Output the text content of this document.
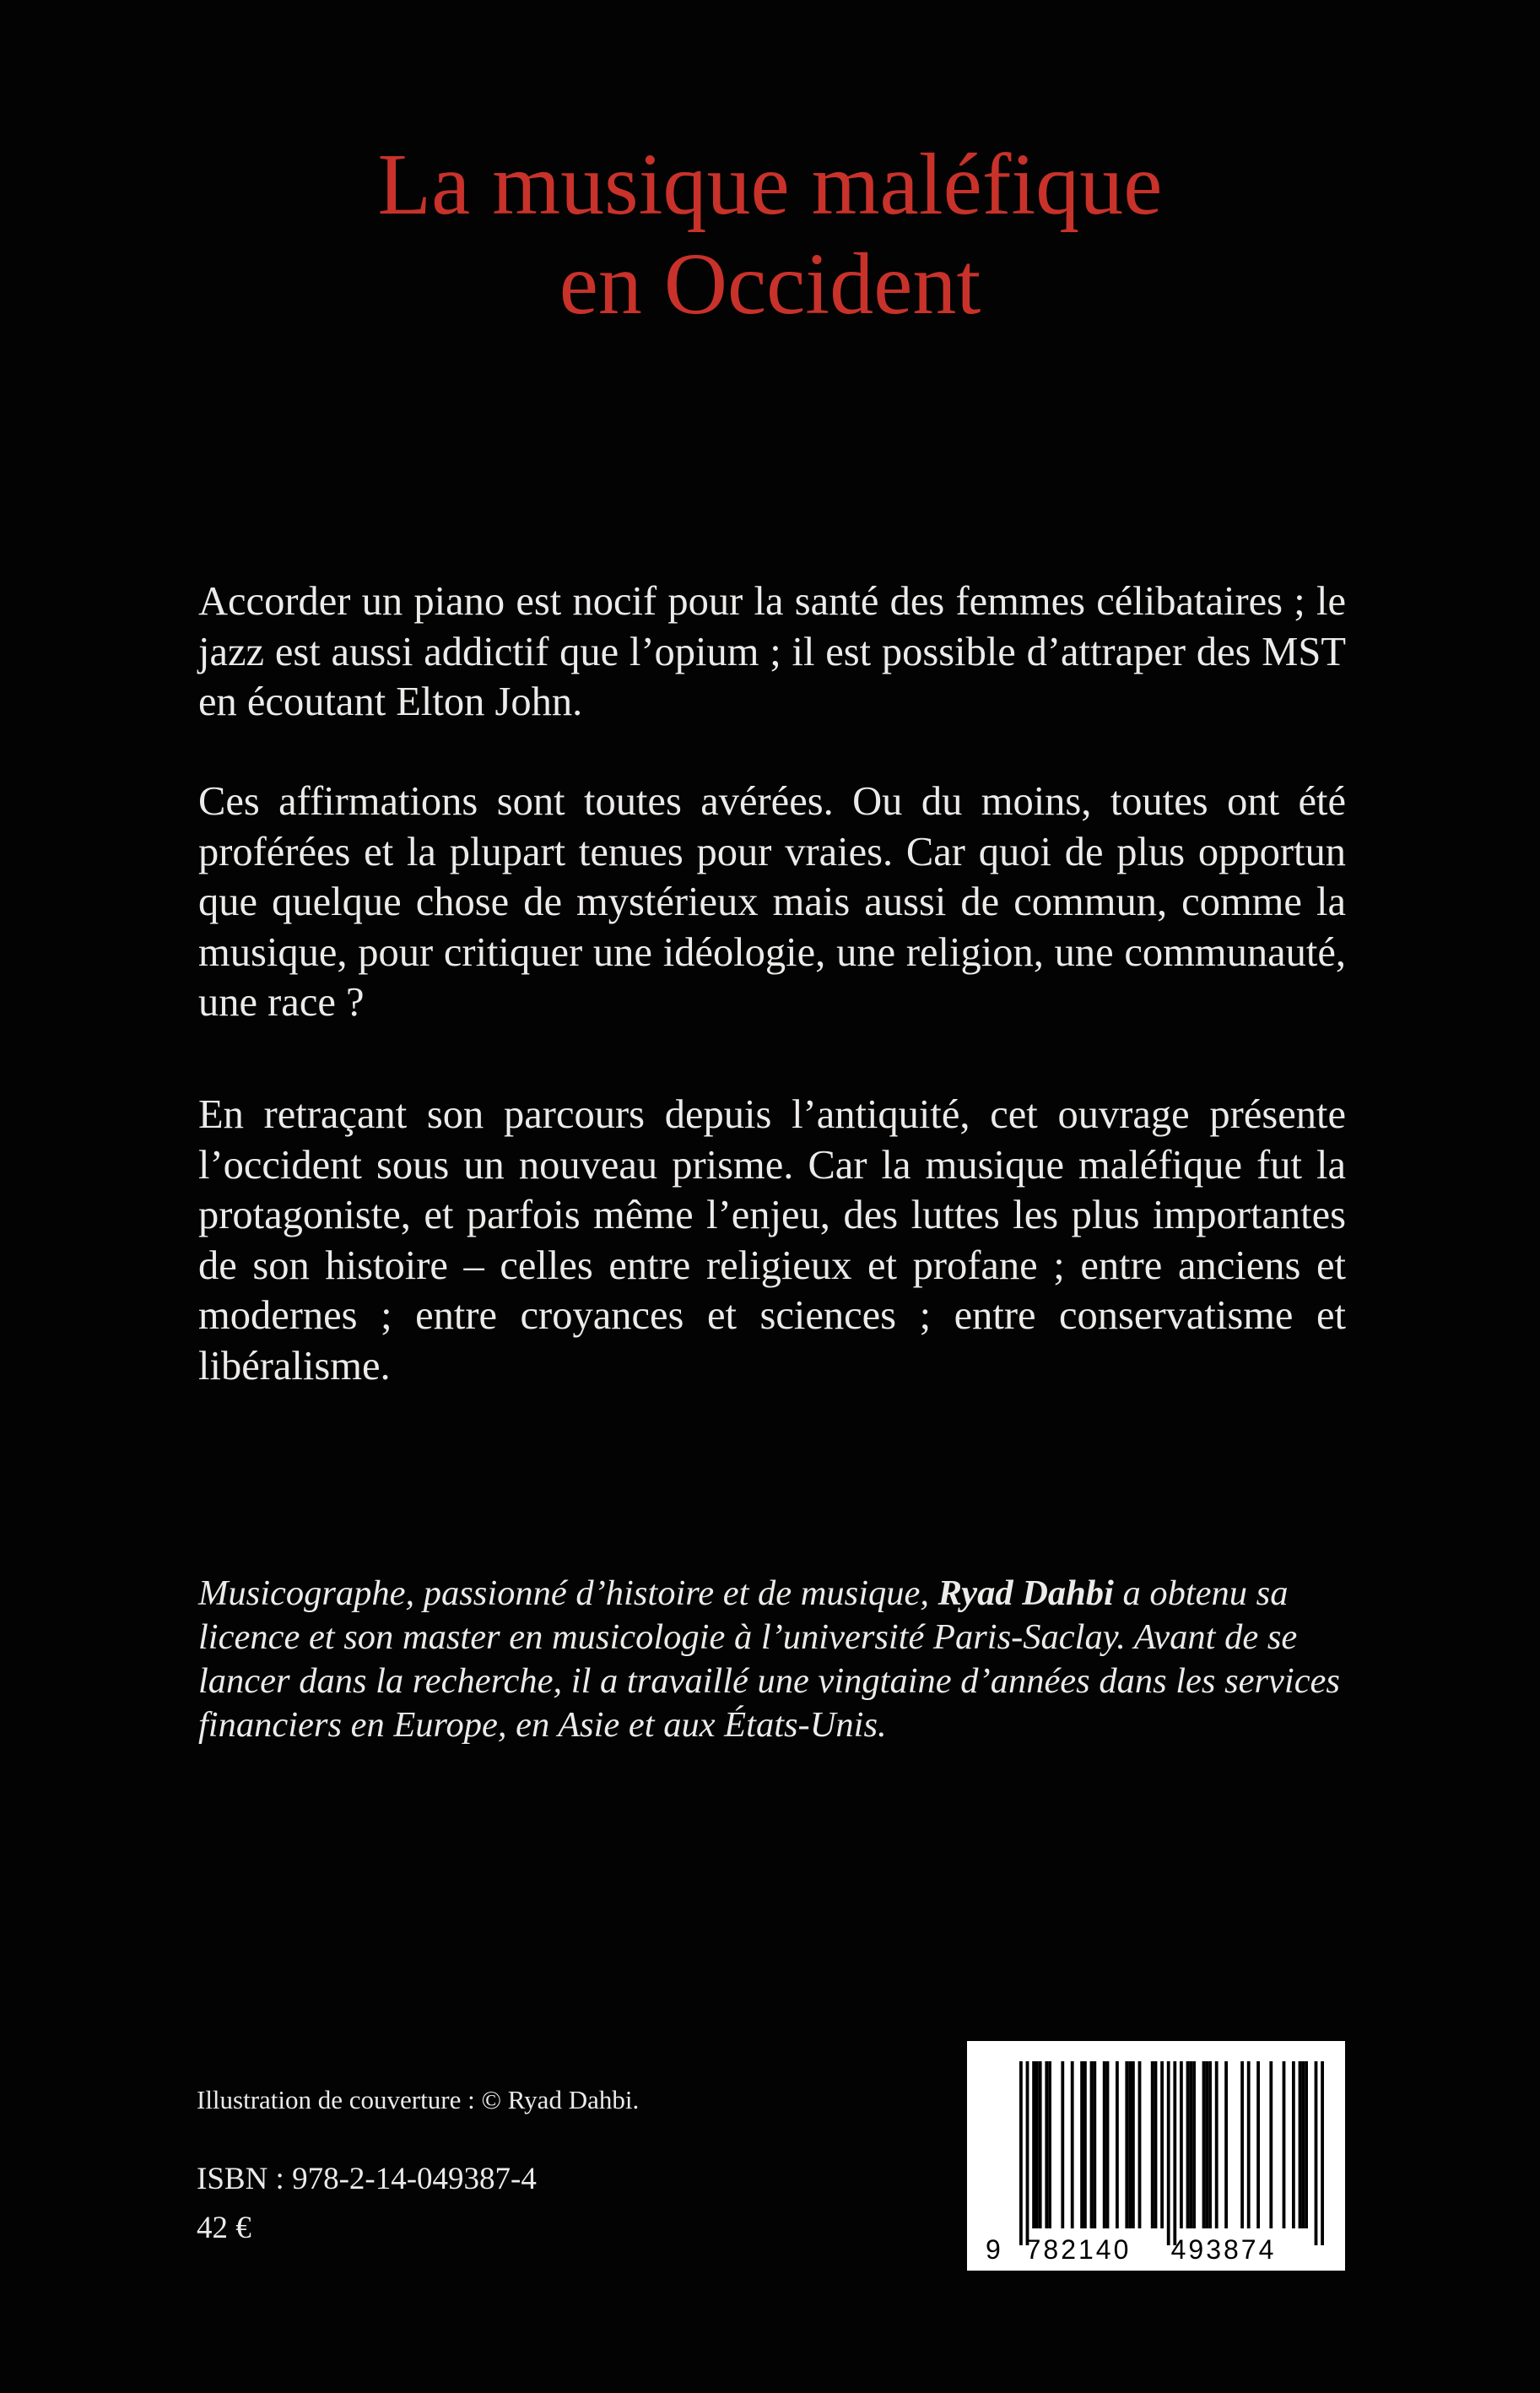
La musique maléfique
en Occident

Accorder un piano est nocif pour la santé des femmes célibataires ; le jazz est aussi addictif que l’opium ; il est possible d’attraper des MST en écoutant Elton John.

Ces affirmations sont toutes avérées. Ou du moins, toutes ont été proférées et la plupart tenues pour vraies. Car quoi de plus opportun que quelque chose de mystérieux mais aussi de commun, comme la musique, pour critiquer une idéologie, une religion, une communauté, une race ?

En retraçant son parcours depuis l’antiquité, cet ouvrage présente l’occident sous un nouveau prisme. Car la musique maléfique fut la protagoniste, et parfois même l’enjeu, des luttes les plus importantes de son histoire – celles entre religieux et profane ; entre anciens et modernes ; entre croyances et sciences ; entre conservatisme et libéralisme.

Musicographe, passionné d’histoire et de musique, Ryad Dahbi a obtenu sa licence et son master en musicologie à l’université Paris-Saclay. Avant de se lancer dans la recherche, il a travaillé une vingtaine d’années dans les services financiers en Europe, en Asie et aux États-Unis.

Illustration de couverture : © Ryad Dahbi.

ISBN : 978-2-14-049387-4

42 €

9 782140 493874
